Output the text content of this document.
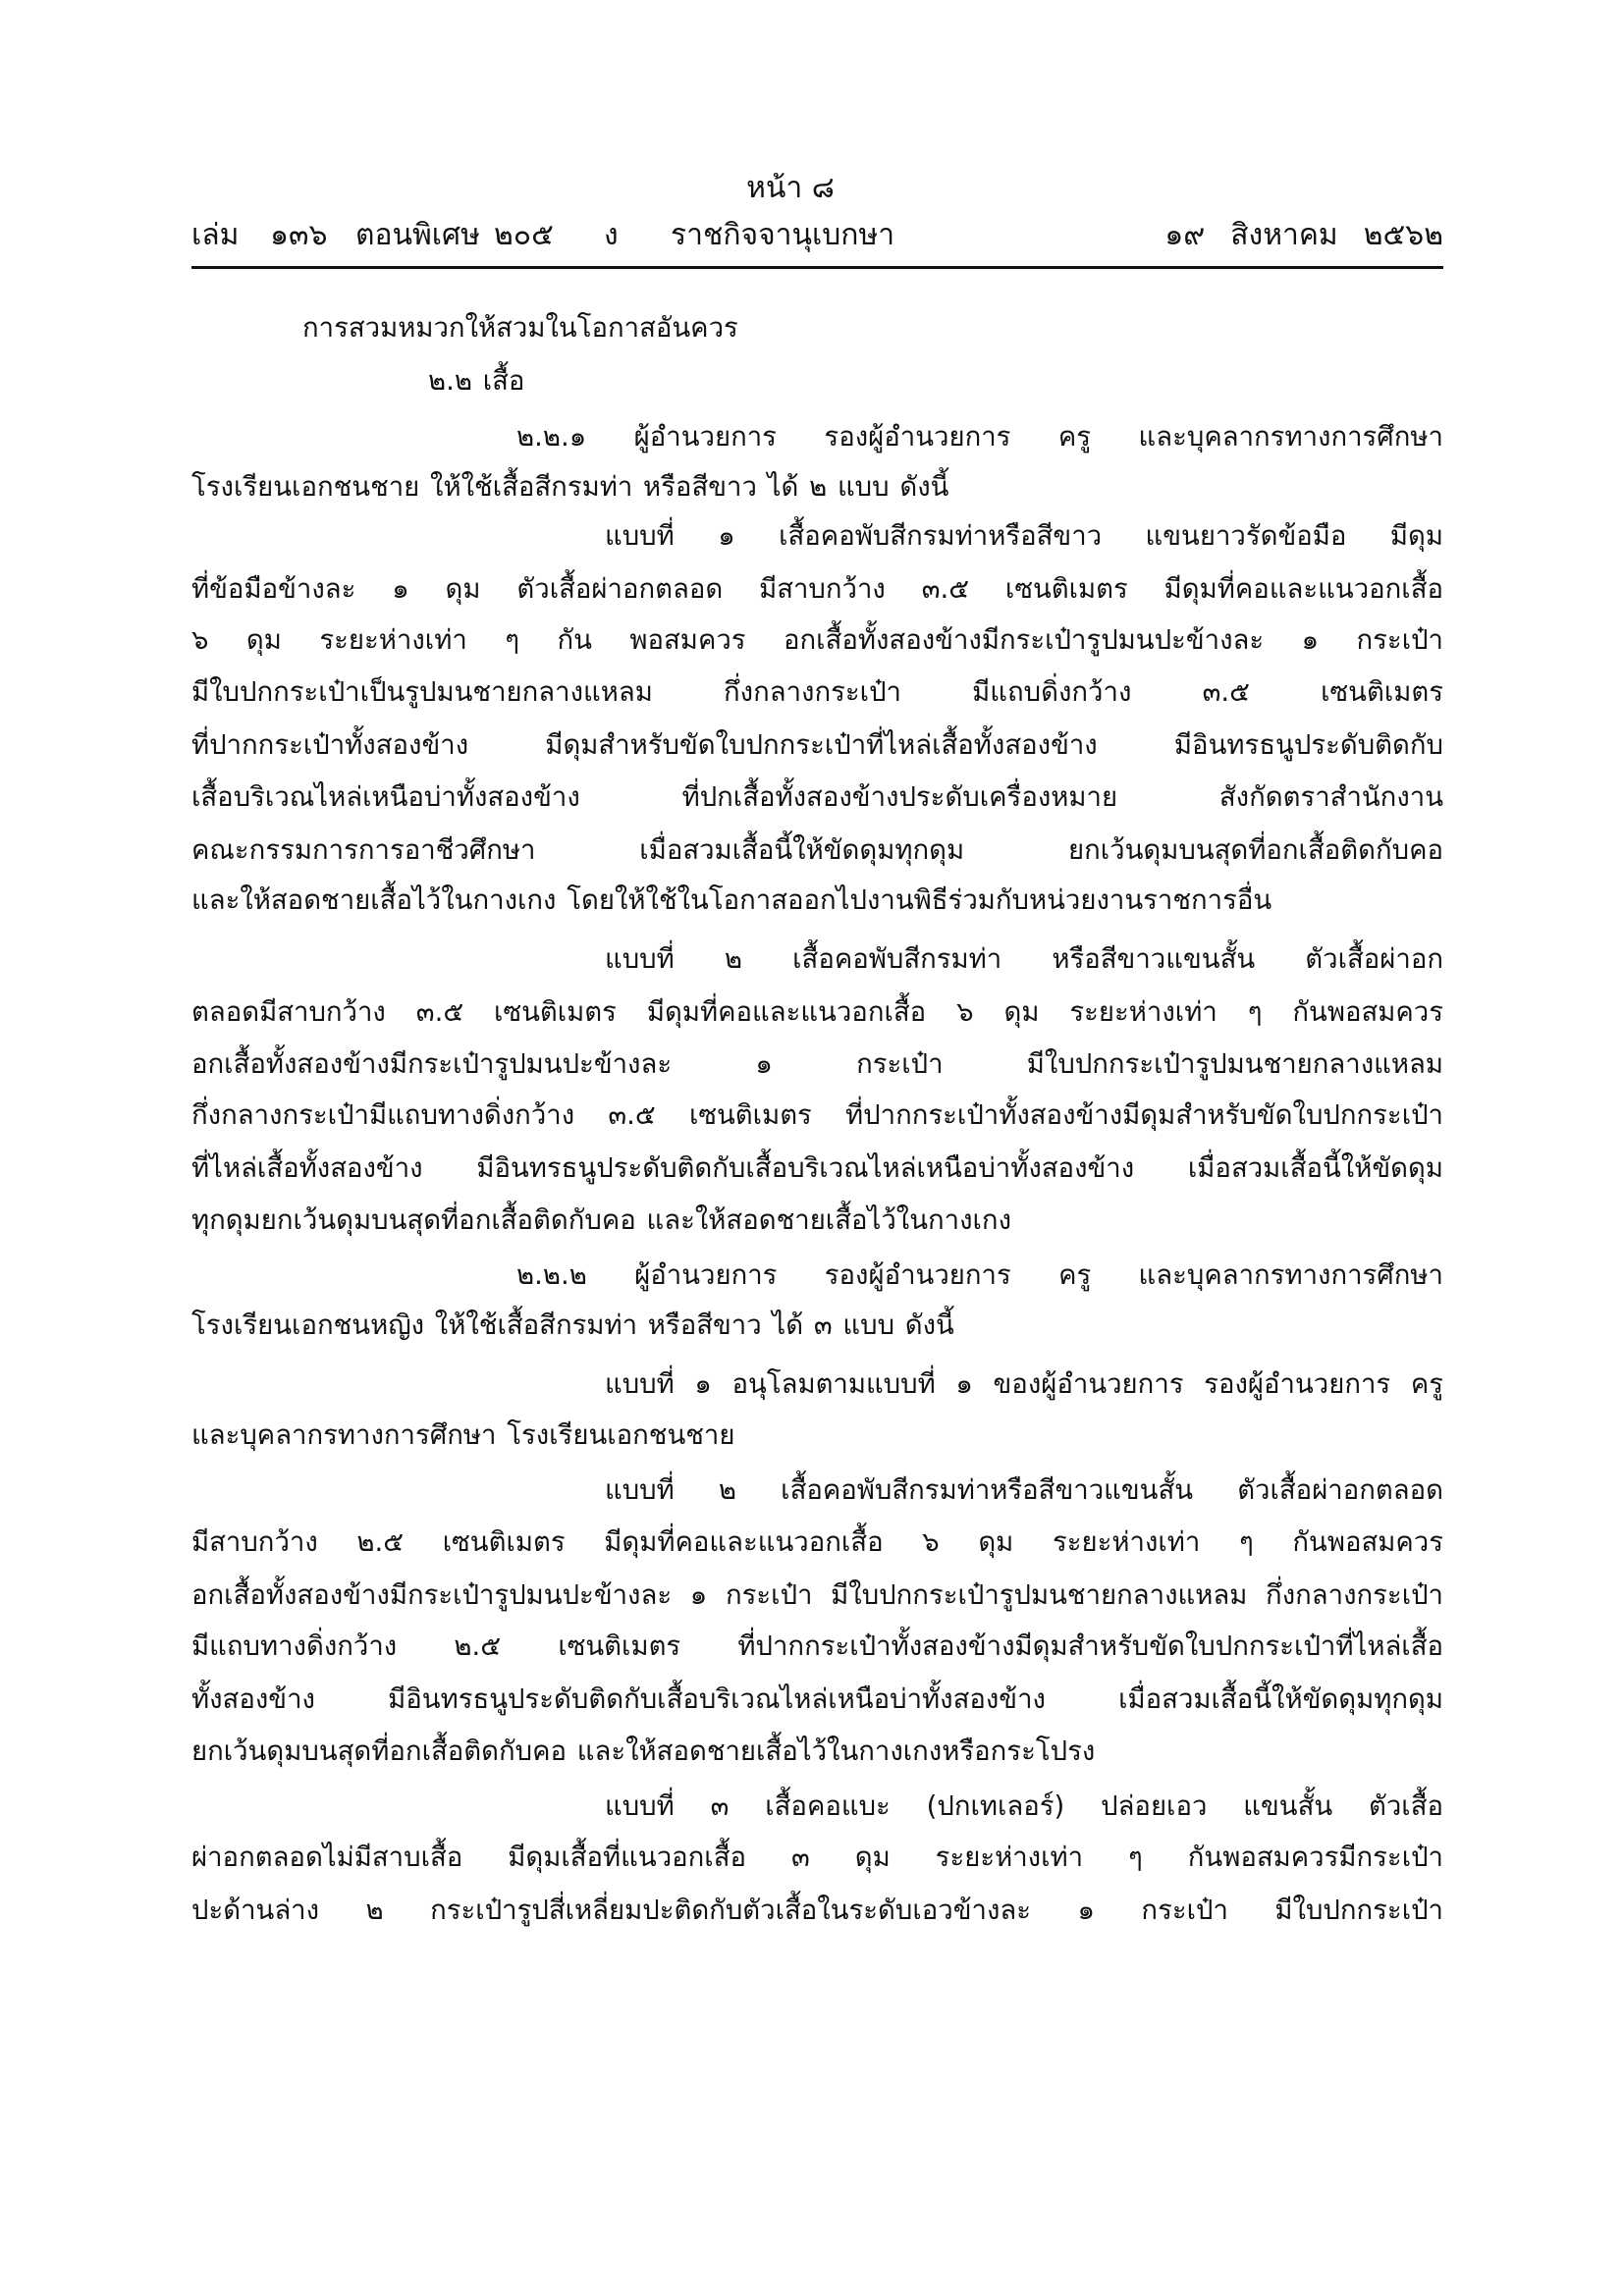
หน้า ๘
เล่ม ๑๓๖ ตอนพิเศษ ๒๐๕ ง ราชกิจจานุเบกษา	๑๙ สิงหาคม ๒๕๖๒
การสวมหมวกให้สวมในโอกาสอันควร
๒.๒ เสื้อ
๒.๒.๑ ผู้อำนวยการ รองผู้อำนวยการ ครู และบุคลากรทางการศึกษา
โรงเรียนเอกชนชาย ให้ใช้เสื้อสีกรมท่า หรือสีขาว ได้ ๒ แบบ ดังนี้
แบบที่ ๑ เสื้อคอพับสีกรมท่าหรือสีขาว แขนยาวรัดข้อมือ มีดุม
ที่ข้อมือข้างละ ๑ ดุม ตัวเสื้อผ่าอกตลอด มีสาบกว้าง ๓.๕ เซนติเมตร มีดุมที่คอและแนวอกเสื้อ
๖ ดุม ระยะห่างเท่า ๆ กัน พอสมควร อกเสื้อทั้งสองข้างมีกระเป๋ารูปมนปะข้างละ ๑ กระเป๋า
มีใบปกกระเป๋าเป็นรูปมนชายกลางแหลม กึ่งกลางกระเป๋า มีแถบดิ่งกว้าง ๓.๕ เซนติเมตร
ที่ปากกระเป๋าทั้งสองข้าง มีดุมสำหรับขัดใบปกกระเป๋าที่ไหล่เสื้อทั้งสองข้าง มีอินทรธนูประดับติดกับ
เสื้อบริเวณไหล่เหนือบ่าทั้งสองข้าง ที่ปกเสื้อทั้งสองข้างประดับเครื่องหมาย สังกัดตราสำนักงาน
คณะกรรมการการอาชีวศึกษา เมื่อสวมเสื้อนี้ให้ขัดดุมทุกดุม ยกเว้นดุมบนสุดที่อกเสื้อติดกับคอ
และให้สอดชายเสื้อไว้ในกางเกง โดยให้ใช้ในโอกาสออกไปงานพิธีร่วมกับหน่วยงานราชการอื่น
แบบที่ ๒ เสื้อคอพับสีกรมท่า หรือสีขาวแขนสั้น ตัวเสื้อผ่าอก
ตลอดมีสาบกว้าง ๓.๕ เซนติเมตร มีดุมที่คอและแนวอกเสื้อ ๖ ดุม ระยะห่างเท่า ๆ กันพอสมควร
อกเสื้อทั้งสองข้างมีกระเป๋ารูปมนปะข้างละ ๑ กระเป๋า มีใบปกกระเป๋ารูปมนชายกลางแหลม
กึ่งกลางกระเป๋ามีแถบทางดิ่งกว้าง ๓.๕ เซนติเมตร ที่ปากกระเป๋าทั้งสองข้างมีดุมสำหรับขัดใบปกกระเป๋า
ที่ไหล่เสื้อทั้งสองข้าง มีอินทรธนูประดับติดกับเสื้อบริเวณไหล่เหนือบ่าทั้งสองข้าง เมื่อสวมเสื้อนี้ให้ขัดดุม
ทุกดุมยกเว้นดุมบนสุดที่อกเสื้อติดกับคอ และให้สอดชายเสื้อไว้ในกางเกง
๒.๒.๒ ผู้อำนวยการ รองผู้อำนวยการ ครู และบุคลากรทางการศึกษา
โรงเรียนเอกชนหญิง ให้ใช้เสื้อสีกรมท่า หรือสีขาว ได้ ๓ แบบ ดังนี้
แบบที่ ๑ อนุโลมตามแบบที่ ๑ ของผู้อำนวยการ รองผู้อำนวยการ ครู
และบุคลากรทางการศึกษา โรงเรียนเอกชนชาย
แบบที่ ๒ เสื้อคอพับสีกรมท่าหรือสีขาวแขนสั้น ตัวเสื้อผ่าอกตลอด
มีสาบกว้าง ๒.๕ เซนติเมตร มีดุมที่คอและแนวอกเสื้อ ๖ ดุม ระยะห่างเท่า ๆ กันพอสมควร
อกเสื้อทั้งสองข้างมีกระเป๋ารูปมนปะข้างละ ๑ กระเป๋า มีใบปกกระเป๋ารูปมนชายกลางแหลม กึ่งกลางกระเป๋า
มีแถบทางดิ่งกว้าง ๒.๕ เซนติเมตร ที่ปากกระเป๋าทั้งสองข้างมีดุมสำหรับขัดใบปกกระเป๋าที่ไหล่เสื้อ
ทั้งสองข้าง มีอินทรธนูประดับติดกับเสื้อบริเวณไหล่เหนือบ่าทั้งสองข้าง เมื่อสวมเสื้อนี้ให้ขัดดุมทุกดุม
ยกเว้นดุมบนสุดที่อกเสื้อติดกับคอ และให้สอดชายเสื้อไว้ในกางเกงหรือกระโปรง
แบบที่ ๓ เสื้อคอแบะ (ปกเทเลอร์) ปล่อยเอว แขนสั้น ตัวเสื้อ
ผ่าอกตลอดไม่มีสาบเสื้อ มีดุมเสื้อที่แนวอกเสื้อ ๓ ดุม ระยะห่างเท่า ๆ กันพอสมควรมีกระเป๋า
ปะด้านล่าง ๒ กระเป๋ารูปสี่เหลี่ยมปะติดกับตัวเสื้อในระดับเอวข้างละ ๑ กระเป๋า มีใบปกกระเป๋า
